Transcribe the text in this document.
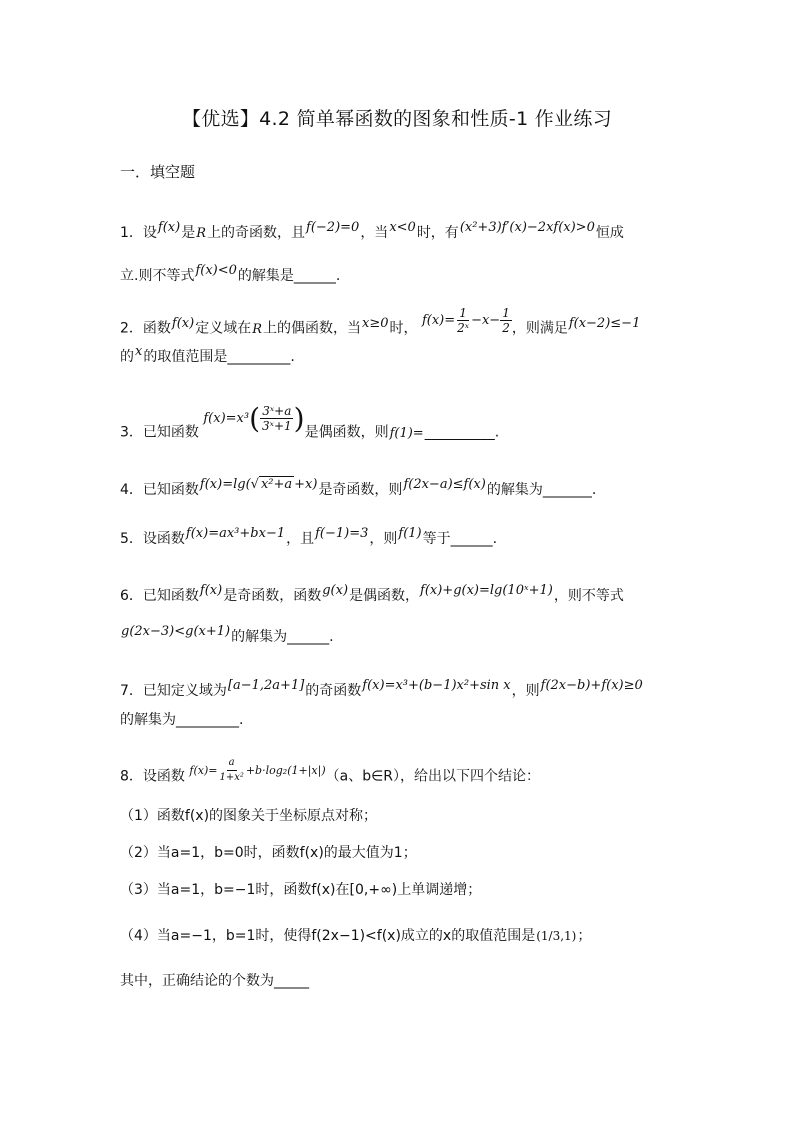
【优选】4.2 简单幂函数的图象和性质-1 作业练习
一．填空题
1．设f(x)是R上的奇函数，且f(−2)=0，当x<0时，有(x²+3)f′(x)−2xf(x)>0恒成
立.则不等式f(x)<0的解集是______.
2．函数f(x)定义域在R上的偶函数，当x≥0时， $f(x)= \frac{1}{\text{2ˣ}} -x- \frac{1}{2}$ ，则满足f(x−2)≤−1
的x的取值范围是_________.
3．已知函数
f(x)=x³ ( $\frac{\text{3ˣ+a}}{\text{3ˣ+1}}$ ) 是偶函数，则f(1)=__________.
4．已知函数f(x)=lg(√ x²+a +x)是奇函数，则f(2x−a)≤f(x)的解集为_______.
5．设函数f(x)=ax³+bx−1，且f(−1)=3，则f(1)等于______.
6．已知函数f(x)是奇函数，函数g(x)是偶函数，f(x)+g(x)=lg(10ˣ+1)，则不等式
g(2x−3)<g(x+1)的解集为______.
7．已知定义域为[a−1,2a+1]的奇函数f(x)=x³+(b−1)x²+sin x，则f(2x−b)+f(x)≥0
的解集为_________.
8．设函数 $f(x)= \frac{a}{\text{1+x²}} +b\cdot\log_2(1+|x|)$ （a、b∈R），给出以下四个结论：
（1）函数f(x)的图象关于坐标原点对称；
（2）当a=1，b=0时，函数f(x)的最大值为1；
（3）当a=1，b=−1时，函数f(x)在[0,+∞)上单调递增；
（4）当a=−1，b=1时，使得f(2x−1)<f(x)成立的x的取值范围是(1/3,1)；
其中，正确结论的个数为_____
